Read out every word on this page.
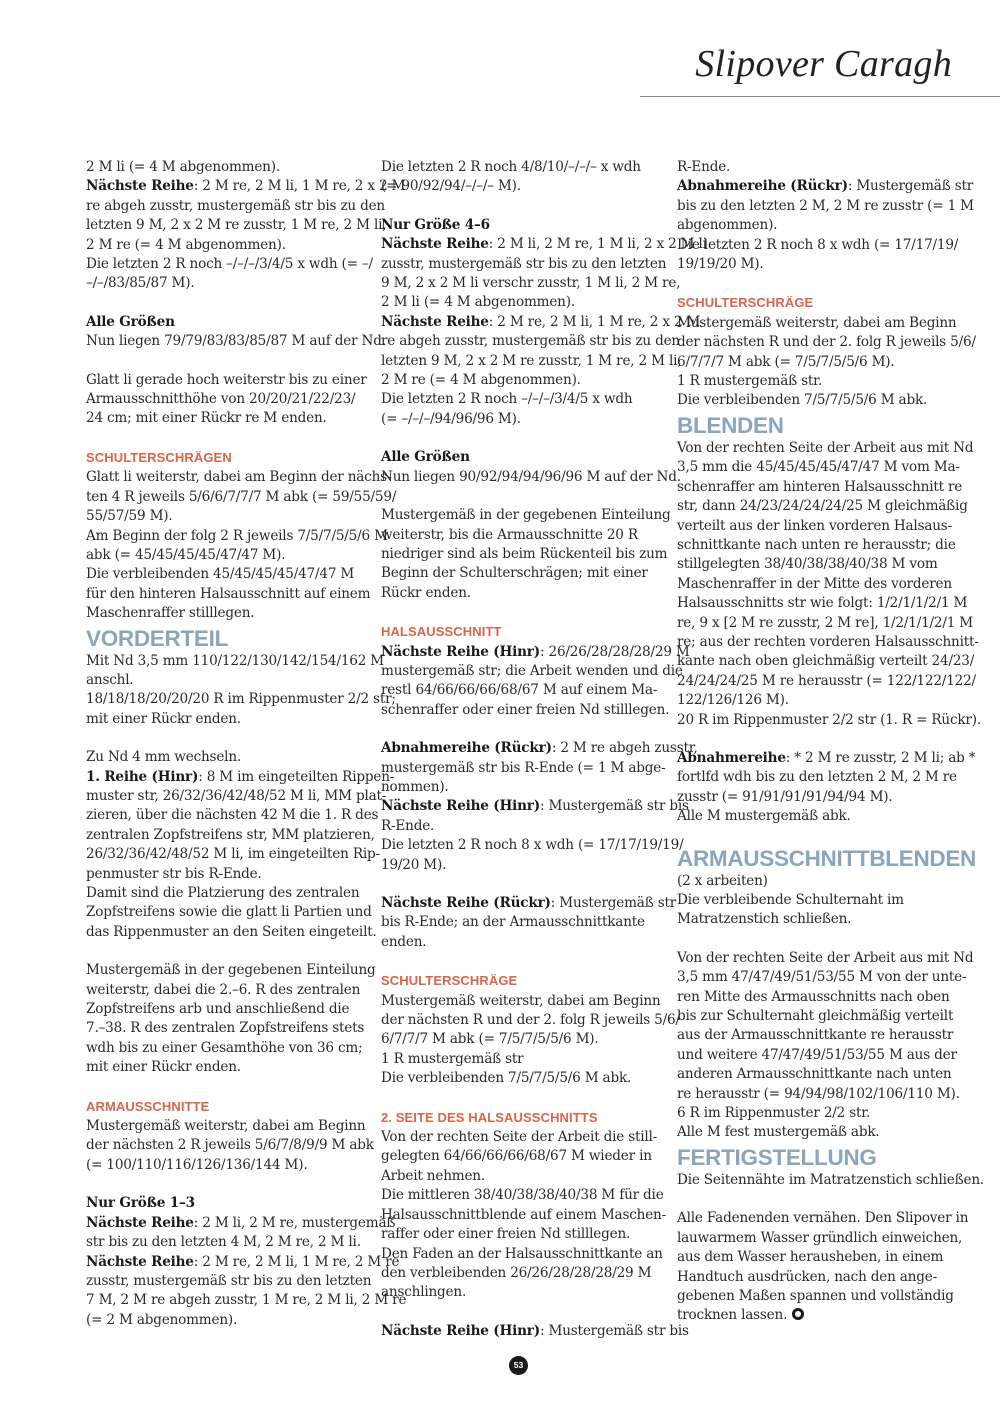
Slipover Caragh

2 M li (= 4 M abgenommen).
Nächste Reihe: 2 M re, 2 M li, 1 M re, 2 x 2 M
re abgeh zusstr, mustergemäß str bis zu den
letzten 9 M, 2 x 2 M re zusstr, 1 M re, 2 M li,
2 M re (= 4 M abgenommen).
Die letzten 2 R noch –/–/–/3/4/5 x wdh (= –/
–/–/83/85/87 M).

Alle Größen
Nun liegen 79/79/83/83/85/87 M auf der Nd.

Glatt li gerade hoch weiterstr bis zu einer
Armausschnitthöhe von 20/20/21/22/23/
24 cm; mit einer Rückr re M enden.

SCHULTERSCHRÄGEN

Glatt li weiterstr, dabei am Beginn der nächs-
ten 4 R jeweils 5/6/6/7/7/7 M abk (= 59/55/59/
55/57/59 M).
Am Beginn der folg 2 R jeweils 7/5/7/5/5/6 M
abk (= 45/45/45/45/47/47 M).
Die verbleibenden 45/45/45/45/47/47 M
für den hinteren Halsausschnitt auf einem
Maschenraffer stilllegen.

VORDERTEIL

Mit Nd 3,5 mm 110/122/130/142/154/162 M
anschl.
18/18/18/20/20/20 R im Rippenmuster 2/2 str;
mit einer Rückr enden.

Zu Nd 4 mm wechseln.
1. Reihe (Hinr): 8 M im eingeteilten Rippen-
muster str, 26/32/36/42/48/52 M li, MM plat-
zieren, über die nächsten 42 M die 1. R des
zentralen Zopfstreifens str, MM platzieren,
26/32/36/42/48/52 M li, im eingeteilten Rip-
penmuster str bis R-Ende.
Damit sind die Platzierung des zentralen
Zopfstreifens sowie die glatt li Partien und
das Rippenmuster an den Seiten eingeteilt.

Mustergemäß in der gegebenen Einteilung
weiterstr, dabei die 2.–6. R des zentralen
Zopfstreifens arb und anschließend die
7.–38. R des zentralen Zopfstreifens stets
wdh bis zu einer Gesamthöhe von 36 cm;
mit einer Rückr enden.

ARMAUSSCHNITTE

Mustergemäß weiterstr, dabei am Beginn
der nächsten 2 R jeweils 5/6/7/8/9/9 M abk
(= 100/110/116/126/136/144 M).

Nur Größe 1–3
Nächste Reihe: 2 M li, 2 M re, mustergemäß
str bis zu den letzten 4 M, 2 M re, 2 M li.
Nächste Reihe: 2 M re, 2 M li, 1 M re, 2 M re
zusstr, mustergemäß str bis zu den letzten
7 M, 2 M re abgeh zusstr, 1 M re, 2 M li, 2 M re
(= 2 M abgenommen).

Die letzten 2 R noch 4/8/10/–/–/– x wdh
(= 90/92/94/–/–/– M).

Nur Größe 4–6
Nächste Reihe: 2 M li, 2 M re, 1 M li, 2 x 2 M li
zusstr, mustergemäß str bis zu den letzten
9 M, 2 x 2 M li verschr zusstr, 1 M li, 2 M re,
2 M li (= 4 M abgenommen).
Nächste Reihe: 2 M re, 2 M li, 1 M re, 2 x 2 M
re abgeh zusstr, mustergemäß str bis zu den
letzten 9 M, 2 x 2 M re zusstr, 1 M re, 2 M li,
2 M re (= 4 M abgenommen).
Die letzten 2 R noch –/–/–/3/4/5 x wdh
(= –/–/–/94/96/96 M).

Alle Größen
Nun liegen 90/92/94/94/96/96 M auf der Nd.

Mustergemäß in der gegebenen Einteilung
weiterstr, bis die Armausschnitte 20 R
niedriger sind als beim Rückenteil bis zum
Beginn der Schulterschrägen; mit einer
Rückr enden.

HALSAUSSCHNITT

Nächste Reihe (Hinr): 26/26/28/28/28/29 M
mustergemäß str; die Arbeit wenden und die
restl 64/66/66/66/68/67 M auf einem Ma-
schenraffer oder einer freien Nd stilllegen.

Abnahmereihe (Rückr): 2 M re abgeh zusstr,
mustergemäß str bis R-Ende (= 1 M abge-
nommen).
Nächste Reihe (Hinr): Mustergemäß str bis
R-Ende.
Die letzten 2 R noch 8 x wdh (= 17/17/19/19/
19/20 M).

Nächste Reihe (Rückr): Mustergemäß str
bis R-Ende; an der Armausschnittkante
enden.

SCHULTERSCHRÄGE

Mustergemäß weiterstr, dabei am Beginn
der nächsten R und der 2. folg R jeweils 5/6/
6/7/7/7 M abk (= 7/5/7/5/5/6 M).
1 R mustergemäß str
Die verbleibenden 7/5/7/5/5/6 M abk.

2. SEITE DES HALSAUSSCHNITTS

Von der rechten Seite der Arbeit die still-
gelegten 64/66/66/66/68/67 M wieder in
Arbeit nehmen.
Die mittleren 38/40/38/38/40/38 M für die
Halsausschnittblende auf einem Maschen-
raffer oder einer freien Nd stilllegen.
Den Faden an der Halsausschnittkante an
den verbleibenden 26/26/28/28/28/29 M
anschlingen.

Nächste Reihe (Hinr): Mustergemäß str bis

R-Ende.
Abnahmereihe (Rückr): Mustergemäß str
bis zu den letzten 2 M, 2 M re zusstr (= 1 M
abgenommen).
Die letzten 2 R noch 8 x wdh (= 17/17/19/
19/19/20 M).

SCHULTERSCHRÄGE

Mustergemäß weiterstr, dabei am Beginn
der nächsten R und der 2. folg R jeweils 5/6/
6/7/7/7 M abk (= 7/5/7/5/5/6 M).
1 R mustergemäß str.
Die verbleibenden 7/5/7/5/5/6 M abk.

BLENDEN

Von der rechten Seite der Arbeit aus mit Nd
3,5 mm die 45/45/45/45/47/47 M vom Ma-
schenraffer am hinteren Halsausschnitt re
str, dann 24/23/24/24/24/25 M gleichmäßig
verteilt aus der linken vorderen Halsaus-
schnittkante nach unten re herausstr; die
stillgelegten 38/40/38/38/40/38 M vom
Maschenraffer in der Mitte des vorderen
Halsausschnitts str wie folgt: 1/2/1/1/2/1 M
re, 9 x [2 M re zusstr, 2 M re], 1/2/1/1/2/1 M
re; aus der rechten vorderen Halsausschnitt-
kante nach oben gleichmäßig verteilt 24/23/
24/24/24/25 M re herausstr (= 122/122/122/
122/126/126 M).
20 R im Rippenmuster 2/2 str (1. R = Rückr).

Abnahmereihe: * 2 M re zusstr, 2 M li; ab *
fortlfd wdh bis zu den letzten 2 M, 2 M re
zusstr (= 91/91/91/91/94/94 M).
Alle M mustergemäß abk.

ARMAUSSCHNITTBLENDEN

(2 x arbeiten)
Die verbleibende Schulternaht im
Matratzenstich schließen.

Von der rechten Seite der Arbeit aus mit Nd
3,5 mm 47/47/49/51/53/55 M von der unte-
ren Mitte des Armausschnitts nach oben
bis zur Schulternaht gleichmäßig verteilt
aus der Armausschnittkante re herausstr
und weitere 47/47/49/51/53/55 M aus der
anderen Armausschnittkante nach unten
re herausstr (= 94/94/98/102/106/110 M).
6 R im Rippenmuster 2/2 str.
Alle M fest mustergemäß abk.

FERTIGSTELLUNG

Die Seitennähte im Matratzenstich schließen.

Alle Fadenenden vernähen. Den Slipover in
lauwarmem Wasser gründlich einweichen,
aus dem Wasser herausheben, in einem
Handtuch ausdrücken, nach den ange-
gebenen Maßen spannen und vollständig
trocknen lassen.

53
